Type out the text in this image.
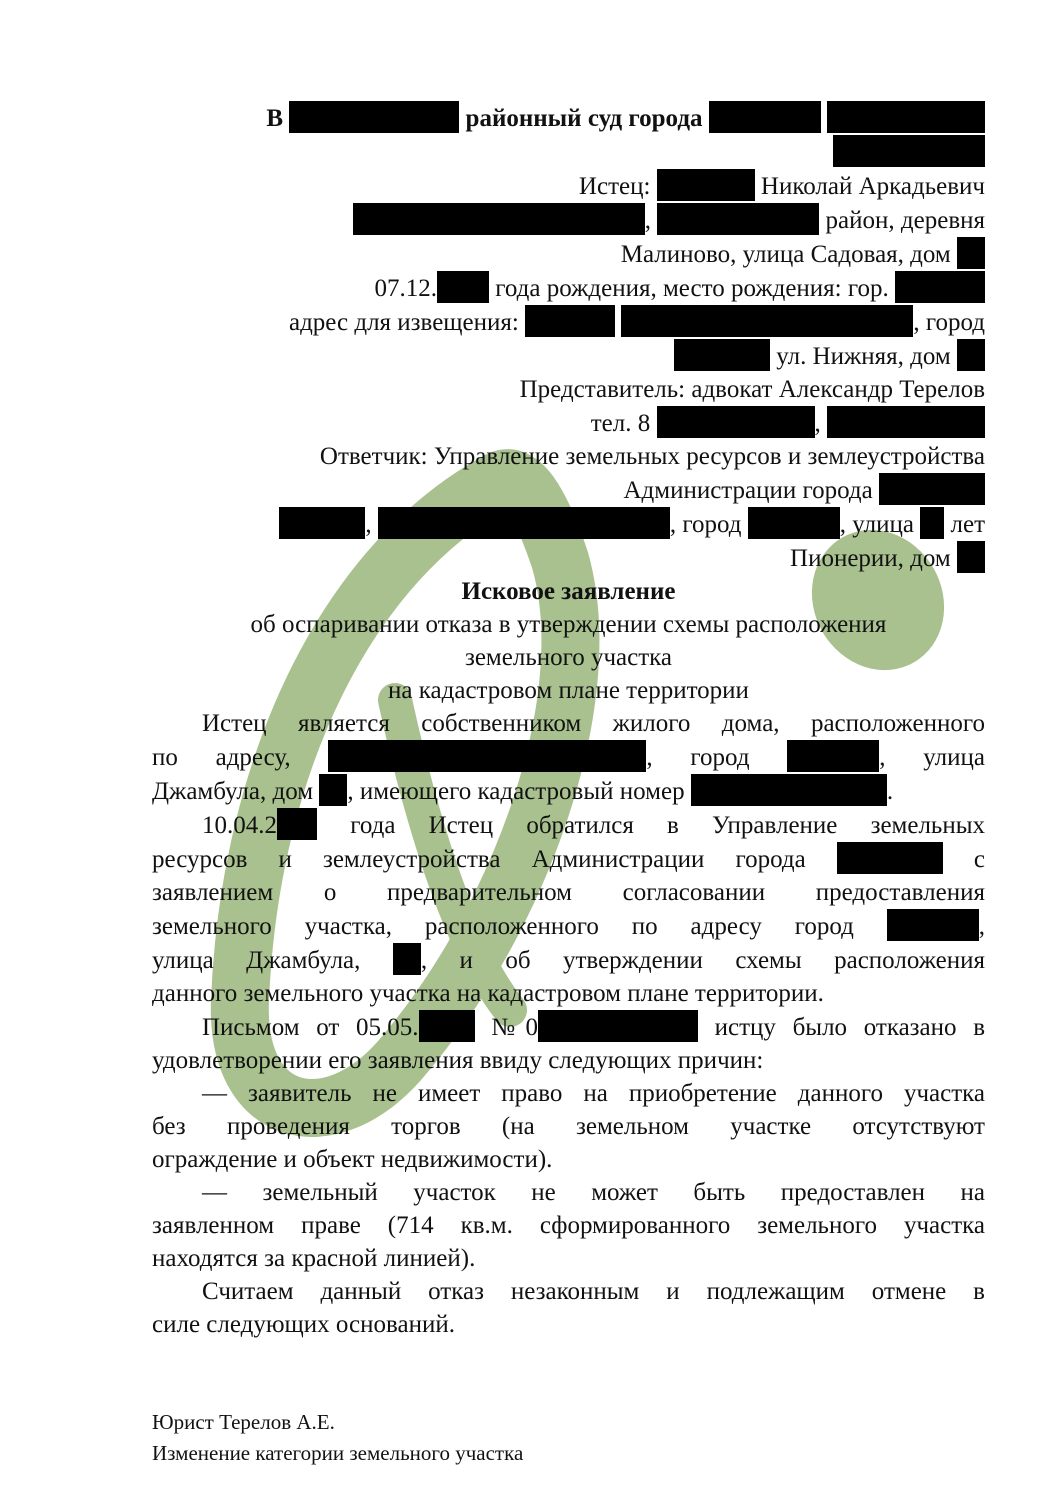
В	районный суд города
Истец:	Николай Аркадьевич
,	район, деревня
Малиново, улица Садовая, дом
07.12. года рождения, место рождения: гор.
адрес для извещения:	, город
ул. Нижняя, дом
Представитель: адвокат Александр Терелов
тел. 8	,
Ответчик: Управление земельных ресурсов и землеустройства
Администрации города
,	, город	, улица лет
Пионерии, дом
Исковое заявление
об оспаривании отказа в утверждении схемы расположения
земельного участка
на кадастровом плане территории
Истец является собственником жилого дома, расположенного
по адресу,	, город	, улица
Джамбула, дом , имеющего кадастровый номер	.
10.04.2	года Истец обратился в Управление земельных
ресурсов и землеустройства Администрации города	с
заявлением о предварительном согласовании предоставления
земельного участка, расположенного по адресу город	,
улица Джамбула, , и об утверждении схемы расположения
данного земельного участка на кадастровом плане территории.
Письмом от 05.05.	№0	истцу было отказано в
удовлетворении его заявления ввиду следующих причин:
— заявитель не имеет право на приобретение данного участка
без проведения торгов (на земельном участке отсутствуют
ограждение и объект недвижимости).
— земельный участок не может быть предоставлен на
заявленном праве (714 кв.м. сформированного земельного участка
находятся за красной линией).
Считаем данный отказ незаконным и подлежащим отмене в
силе следующих оснований.
Юрист Терелов А.Е.
Изменение категории земельного участка
